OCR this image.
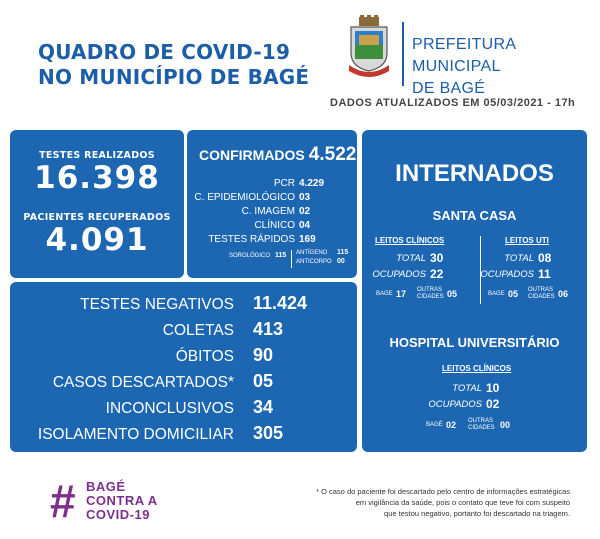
QUADRO DE COVID-19
NO MUNICÍPIO DE BAGÉ
PREFEITURA MUNICIPAL
DE BAGÉ
DADOS ATUALIZADOS EM 05/03/2021 - 17h
TESTES REALIZADOS
16.398
PACIENTES RECUPERADOS
4.091
CONFIRMADOS 4.522
PCR 4.229
C. EPIDEMIOLÓGICO 03
C. IMAGEM 02
CLÍNICO 04
TESTES RÁPIDOS 169
SOROLÓGICO 115 ANTÍGENO 115
ANTICORPO 00
TESTES NEGATIVOS 11.424
COLETAS 413
ÓBITOS 90
CASOS DESCARTADOS* 05
INCONCLUSIVOS 34
ISOLAMENTO DOMICILIAR 305
INTERNADOS
SANTA CASA
LEITOS CLÍNICOS	LEITOS UTI
TOTAL 30
OCUPADOS 22
BAGE 17 OUTRAS CIDADES 05
TOTAL 08
OCUPADOS 11
BAGE 05 OUTRAS CIDADES 06
HOSPITAL UNIVERSITÁRIO
LEITOS CLÍNICOS
TOTAL 10
OCUPADOS 02
BAGÉ 02 OUTRAS CIDADES 00
# BAGÉ
CONTRA A
COVID-19
* O caso do paciente foi descartado pelo centro de informações estratégicas
em vigilância da saúde, pois o contato que teve foi com suspeito
que testou negativo, portanto foi descartado na triagem.
